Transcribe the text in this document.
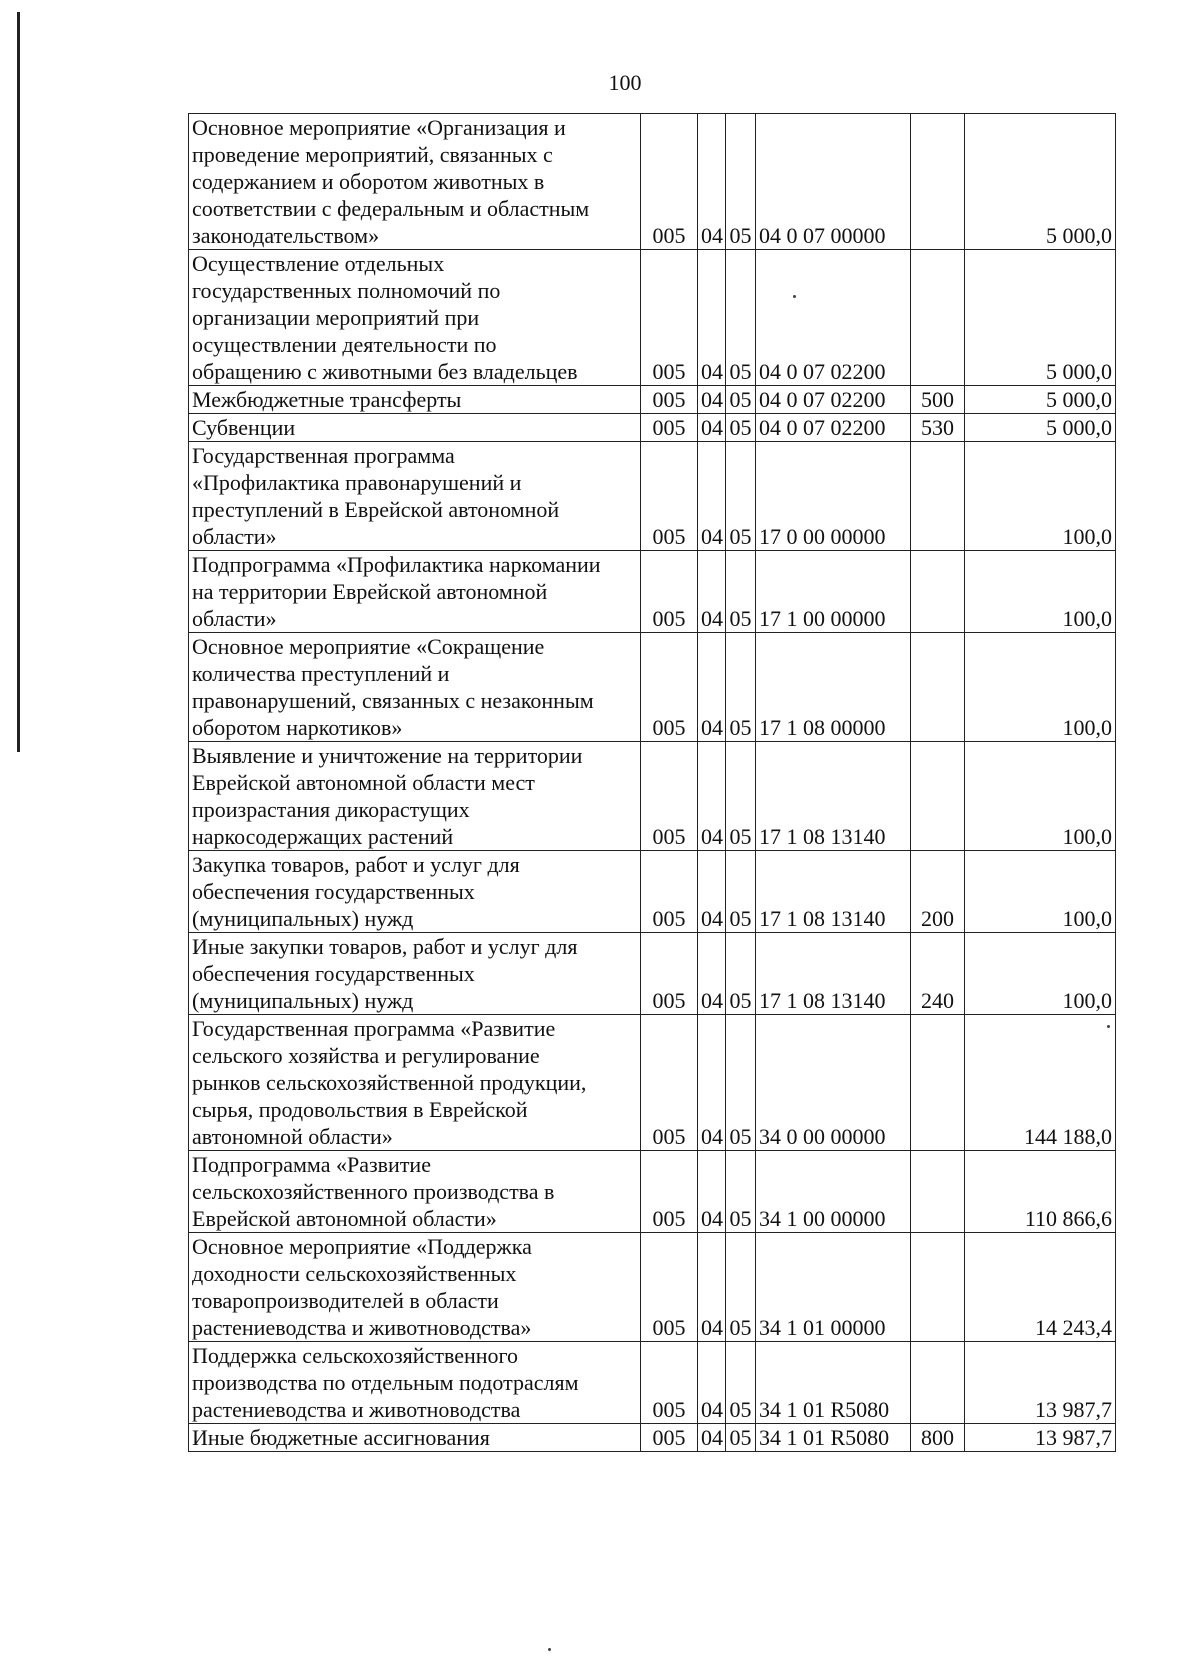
100
Основное мероприятие «Организация и
проведение мероприятий, связанных с
содержанием и оборотом животных в
соответствии с федеральным и областным
законодательством»	005	04	05	04 0 07 00000		5 000,0
Осуществление отдельных
государственных полномочий по
организации мероприятий при
осуществлении деятельности по
обращению с животными без владельцев	005	04	05	04 0 07 02200		5 000,0
Межбюджетные трансферты	005	04	05	04 0 07 02200	500	5 000,0
Субвенции	005	04	05	04 0 07 02200	530	5 000,0
Государственная программа
«Профилактика правонарушений и
преступлений в Еврейской автономной
области»	005	04	05	17 0 00 00000		100,0
Подпрограмма «Профилактика наркомании
на территории Еврейской автономной
области»	005	04	05	17 1 00 00000		100,0
Основное мероприятие «Сокращение
количества преступлений и
правонарушений, связанных с незаконным
оборотом наркотиков»	005	04	05	17 1 08 00000		100,0
Выявление и уничтожение на территории
Еврейской автономной области мест
произрастания дикорастущих
наркосодержащих растений	005	04	05	17 1 08 13140		100,0
Закупка товаров, работ и услуг для
обеспечения государственных
(муниципальных) нужд	005	04	05	17 1 08 13140	200	100,0
Иные закупки товаров, работ и услуг для
обеспечения государственных
(муниципальных) нужд	005	04	05	17 1 08 13140	240	100,0
Государственная программа «Развитие
сельского хозяйства и регулирование
рынков сельскохозяйственной продукции,
сырья, продовольствия в Еврейской
автономной области»	005	04	05	34 0 00 00000		144 188,0
Подпрограмма «Развитие
сельскохозяйственного производства в
Еврейской автономной области»	005	04	05	34 1 00 00000		110 866,6
Основное мероприятие «Поддержка
доходности сельскохозяйственных
товаропроизводителей в области
растениеводства и животноводства»	005	04	05	34 1 01 00000		14 243,4
Поддержка сельскохозяйственного
производства по отдельным подотраслям
растениеводства и животноводства	005	04	05	34 1 01 R5080		13 987,7
Иные бюджетные ассигнования	005	04	05	34 1 01 R5080	800	13 987,7
